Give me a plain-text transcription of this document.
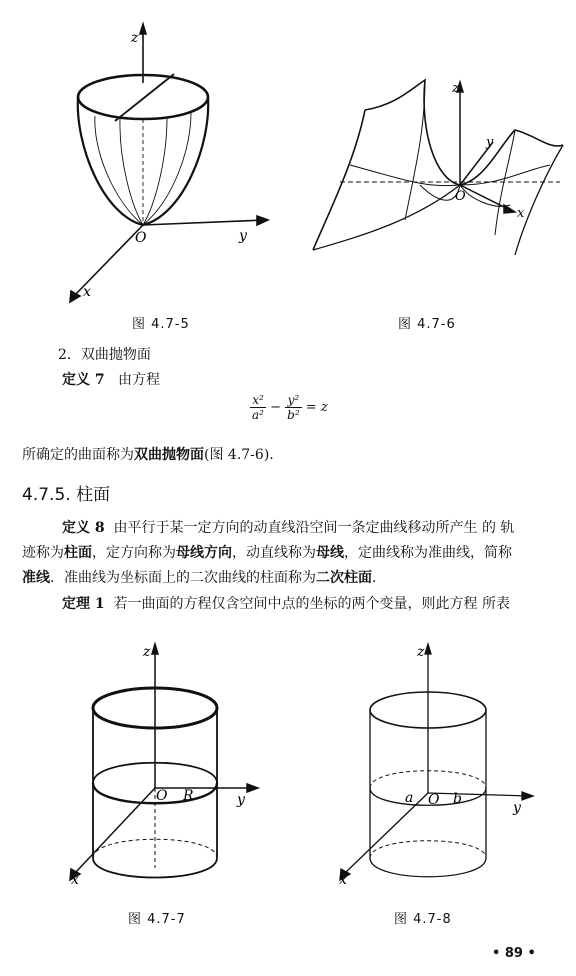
z
y
x
O
图 4.7-5
z
y
x
O
图 4.7-6
2．双曲抛物面
定义 7 由方程
$\frac{\text{x²}}{\text{a²}} - \frac{\text{y²}}{\text{b²}} = z$
所确定的曲面称为双曲抛物面(图 4.7-6).
4.7.5. 柱面
定义 8 由平行于某一定方向的动直线沿空间一条定曲线移动所产生 的 轨
迹称为柱面，定方向称为母线方向，动直线称为母线，定曲线称为准曲线，简称
准线．准曲线为坐标面上的二次曲线的柱面称为二次柱面.
定理 1 若一曲面的方程仅含空间中点的坐标的两个变量，则此方程 所表
z
y
x
O R
图 4.7-7
z
y
x
O
a	b
图 4.7-8
• 89 •
